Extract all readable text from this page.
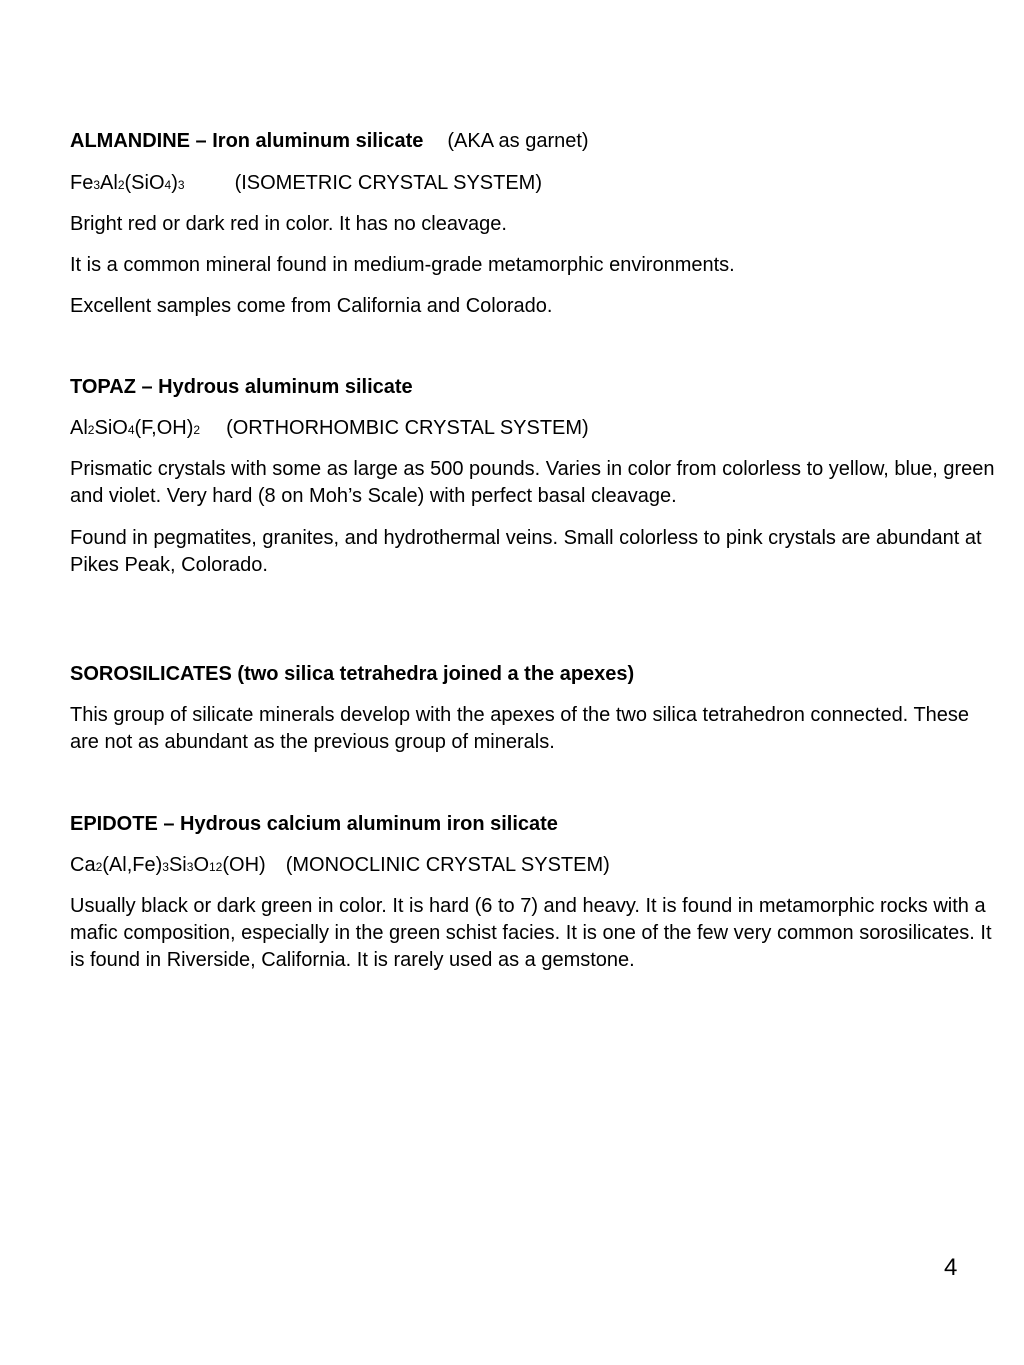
ALMANDINE – Iron aluminum silicate (AKA as garnet)

Fe3Al2(SiO4)3	(ISOMETRIC CRYSTAL SYSTEM)

Bright red or dark red in color. It has no cleavage.

It is a common mineral found in medium-grade metamorphic environments.

Excellent samples come from California and Colorado.

TOPAZ – Hydrous aluminum silicate

Al2SiO4(F,OH)2 (ORTHORHOMBIC CRYSTAL SYSTEM)

Prismatic crystals with some as large as 500 pounds. Varies in color from colorless to yellow, blue, green and violet. Very hard (8 on Moh’s Scale) with perfect basal cleavage.

Found in pegmatites, granites, and hydrothermal veins. Small colorless to pink crystals are abundant at Pikes Peak, Colorado.

SOROSILICATES (two silica tetrahedra joined a the apexes)

This group of silicate minerals develop with the apexes of the two silica tetrahedron connected. These are not as abundant as the previous group of minerals.

EPIDOTE – Hydrous calcium aluminum iron silicate

Ca2(Al,Fe)3Si3O12(OH) (MONOCLINIC CRYSTAL SYSTEM)

Usually black or dark green in color. It is hard (6 to 7) and heavy. It is found in metamorphic rocks with a mafic composition, especially in the green schist facies. It is one of the few very common sorosilicates. It is found in Riverside, California. It is rarely used as a gemstone.

4
